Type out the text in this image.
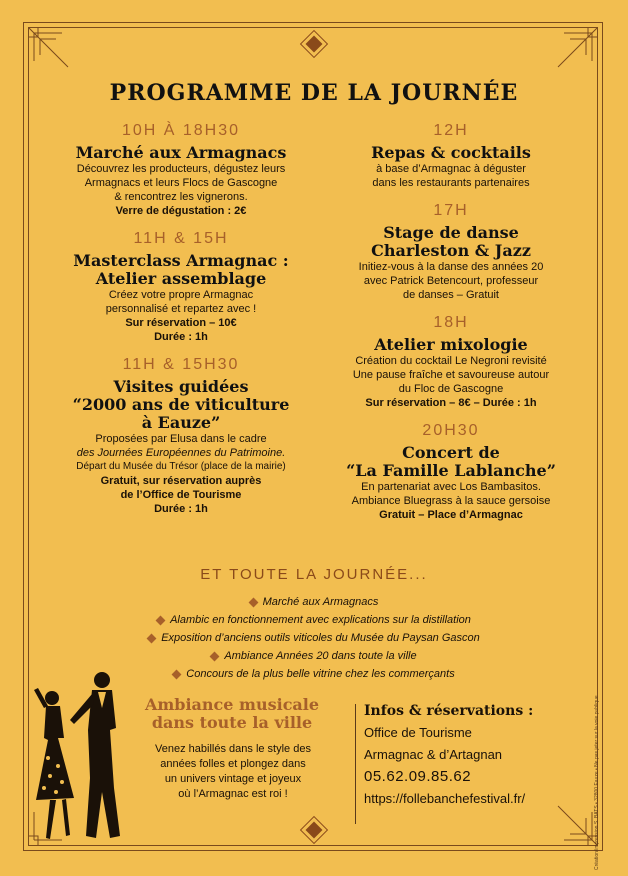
PROGRAMME DE LA JOURNÉE
10H À 18H30
Marché aux Armagnacs
Découvrez les producteurs, dégustez leurs
Armagnacs et leurs Flocs de Gascogne
& rencontrez les vignerons.
Verre de dégustation : 2€
11H & 15H
Masterclass Armagnac :
Atelier assemblage
Créez votre propre Armagnac
personnalisé et repartez avec !
Sur réservation – 10€
Durée : 1h
11H & 15H30
Visites guidées
“2000 ans de viticulture
à Eauze”
Proposées par Elusa dans le cadre
des Journées Européennes du Patrimoine.
Départ du Musée du Trésor (place de la mairie)
Gratuit, sur réservation auprès
de l’Office de Tourisme
Durée : 1h
12H
Repas & cocktails
à base d’Armagnac à déguster
dans les restaurants partenaires
17H
Stage de danse
Charleston & Jazz
Initiez-vous à la danse des années 20
avec Patrick Betencourt, professeur
de danses – Gratuit
18H
Atelier mixologie
Création du cocktail Le Negroni revisité
Une pause fraîche et savoureuse autour
du Floc de Gascogne
Sur réservation – 8€ – Durée : 1h
20H30
Concert de
“La Famille Lablanche”
En partenariat avec Los Bambasitos.
Ambiance Bluegrass à la sauce gersoise
Gratuit – Place d’Armagnac
ET TOUTE LA JOURNÉE...
Marché aux Armagnacs
Alambic en fonctionnement avec explications sur la distillation
Exposition d’anciens outils viticoles du Musée du Paysan Gascon
Ambiance Années 20 dans toute la ville
Concours de la plus belle vitrine chez les commerçants
Ambiance musicale
dans toute la ville
Venez habillés dans le style des
années folles et plongez dans
un univers vintage et joyeux
où l’Armagnac est roi !
Infos & réservations :
Office de Tourisme
Armagnac & d’Artagnan
05.62.09.85.62
https://follebanchefestival.fr/	Création/impression S. BATS • 32800 Eauze • Ne pas jeter sur la voie publique
